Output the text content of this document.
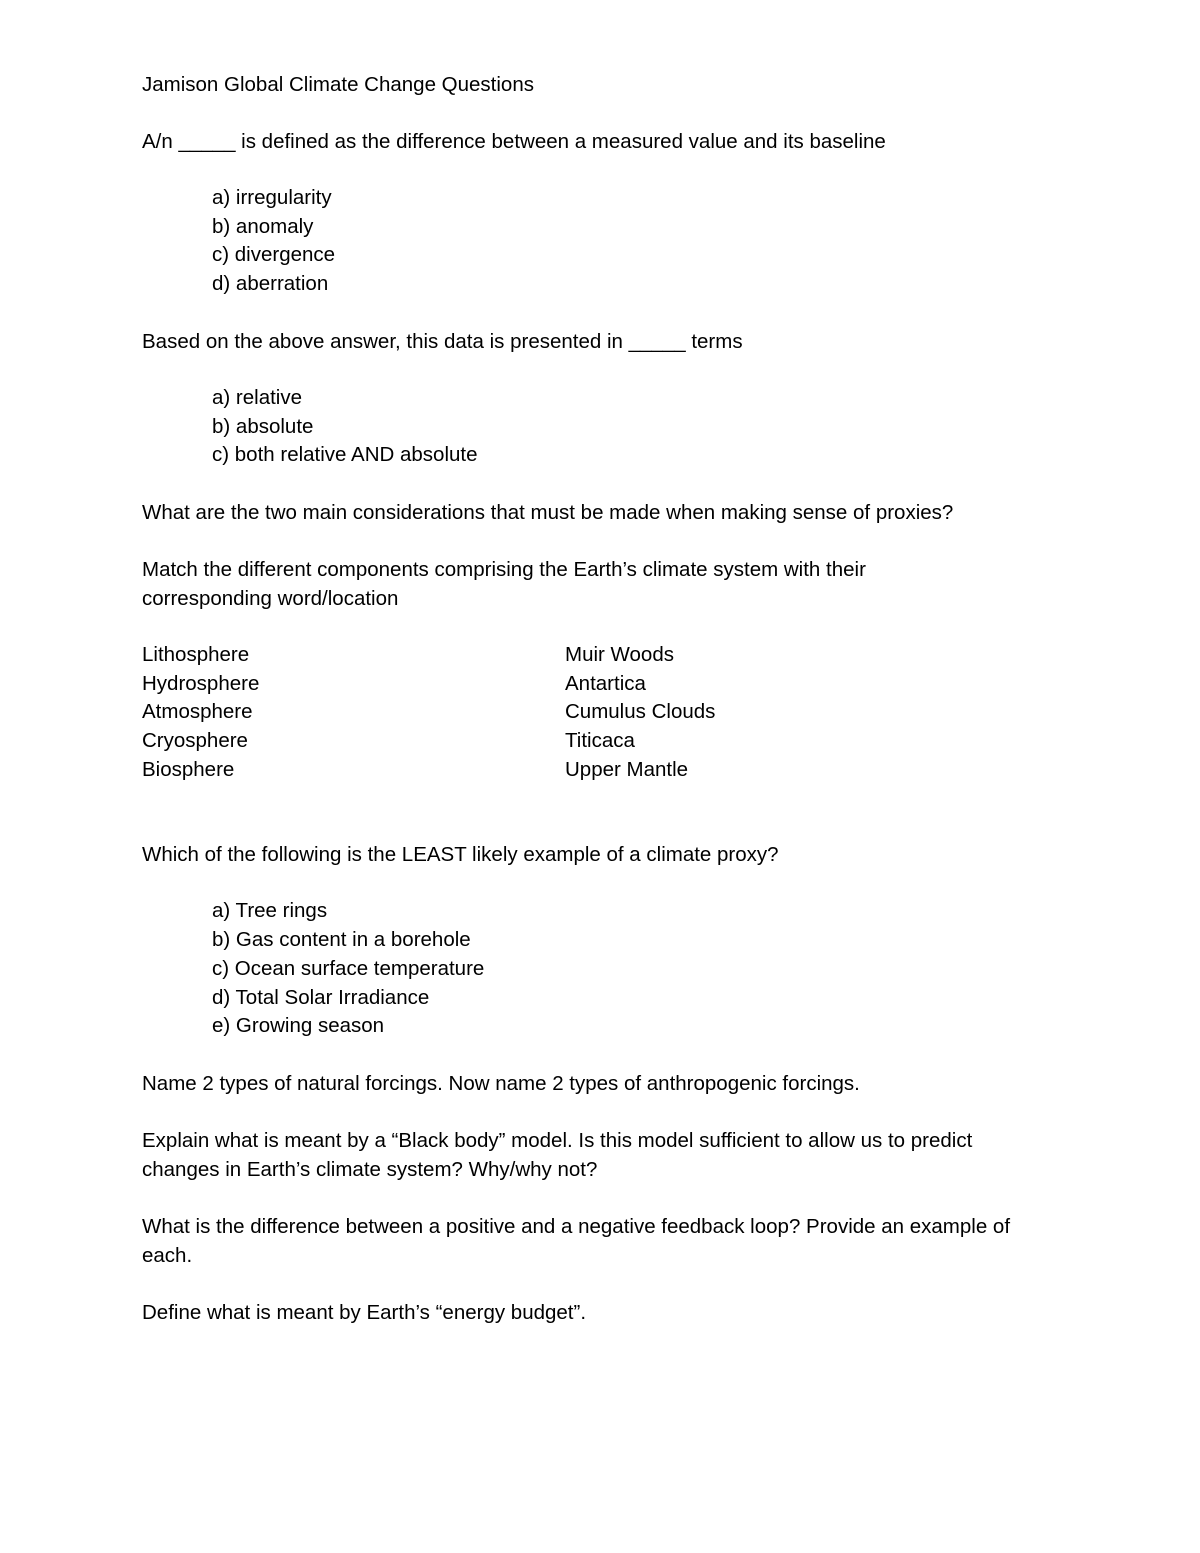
Jamison Global Climate Change Questions

A/n _____ is defined as the difference between a measured value and its baseline

a) irregularity
b) anomaly
c) divergence
d) aberration

Based on the above answer, this data is presented in _____ terms

a) relative
b) absolute
c) both relative AND absolute

What are the two main considerations that must be made when making sense of proxies?

Match the different components comprising the Earth’s climate system with their

corresponding word/location

Lithosphere
Hydrosphere
Atmosphere
Cryosphere
Biosphere
Muir Woods
Antartica
Cumulus Clouds
Titicaca
Upper Mantle

Which of the following is the LEAST likely example of a climate proxy?

a) Tree rings
b) Gas content in a borehole
c) Ocean surface temperature
d) Total Solar Irradiance
e) Growing season

Name 2 types of natural forcings. Now name 2 types of anthropogenic forcings.

Explain what is meant by a “Black body” model. Is this model sufficient to allow us to predict

changes in Earth’s climate system? Why/why not?

What is the difference between a positive and a negative feedback loop? Provide an example of

each.

Define what is meant by Earth’s “energy budget”.
